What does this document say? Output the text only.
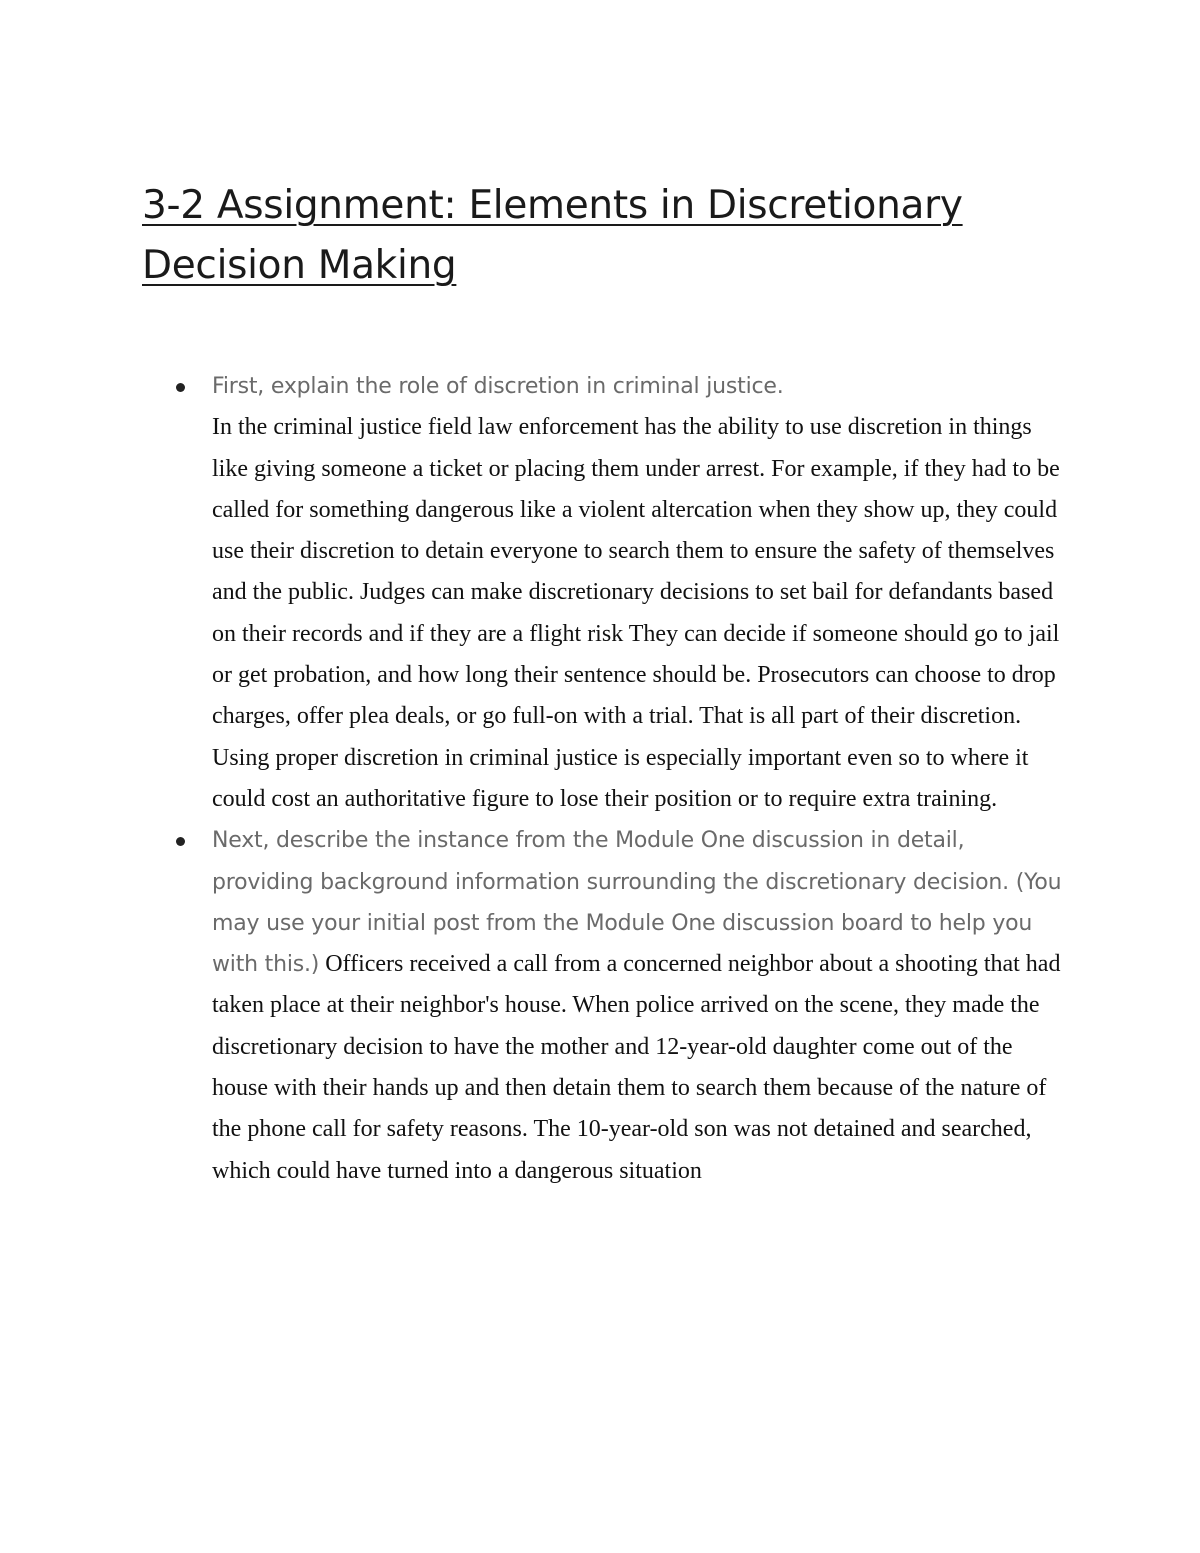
3-2 Assignment: Elements in Discretionary Decision Making

First, explain the role of discretion in criminal justice.
In the criminal justice field law enforcement has the ability to use discretion in things like giving someone a ticket or placing them under arrest. For example, if they had to be called for something dangerous like a violent altercation when they show up, they could use their discretion to detain everyone to search them to ensure the safety of themselves and the public. Judges can make discretionary decisions to set bail for defandants based on their records and if they are a flight risk They can decide if someone should go to jail or get probation, and how long their sentence should be. Prosecutors can choose to drop charges, offer plea deals, or go full-on with a trial. That is all part of their discretion. Using proper discretion in criminal justice is especially important even so to where it could cost an authoritative figure to lose their position or to require extra training.

Next, describe the instance from the Module One discussion in detail, providing background information surrounding the discretionary decision. (You may use your initial post from the Module One discussion board to help you with this.) Officers received a call from a concerned neighbor about a shooting that had taken place at their neighbor's house. When police arrived on the scene, they made the discretionary decision to have the mother and 12-year-old daughter come out of the house with their hands up and then detain them to search them because of the nature of the phone call for safety reasons. The 10-year-old son was not detained and searched, which could have turned into a dangerous situation
